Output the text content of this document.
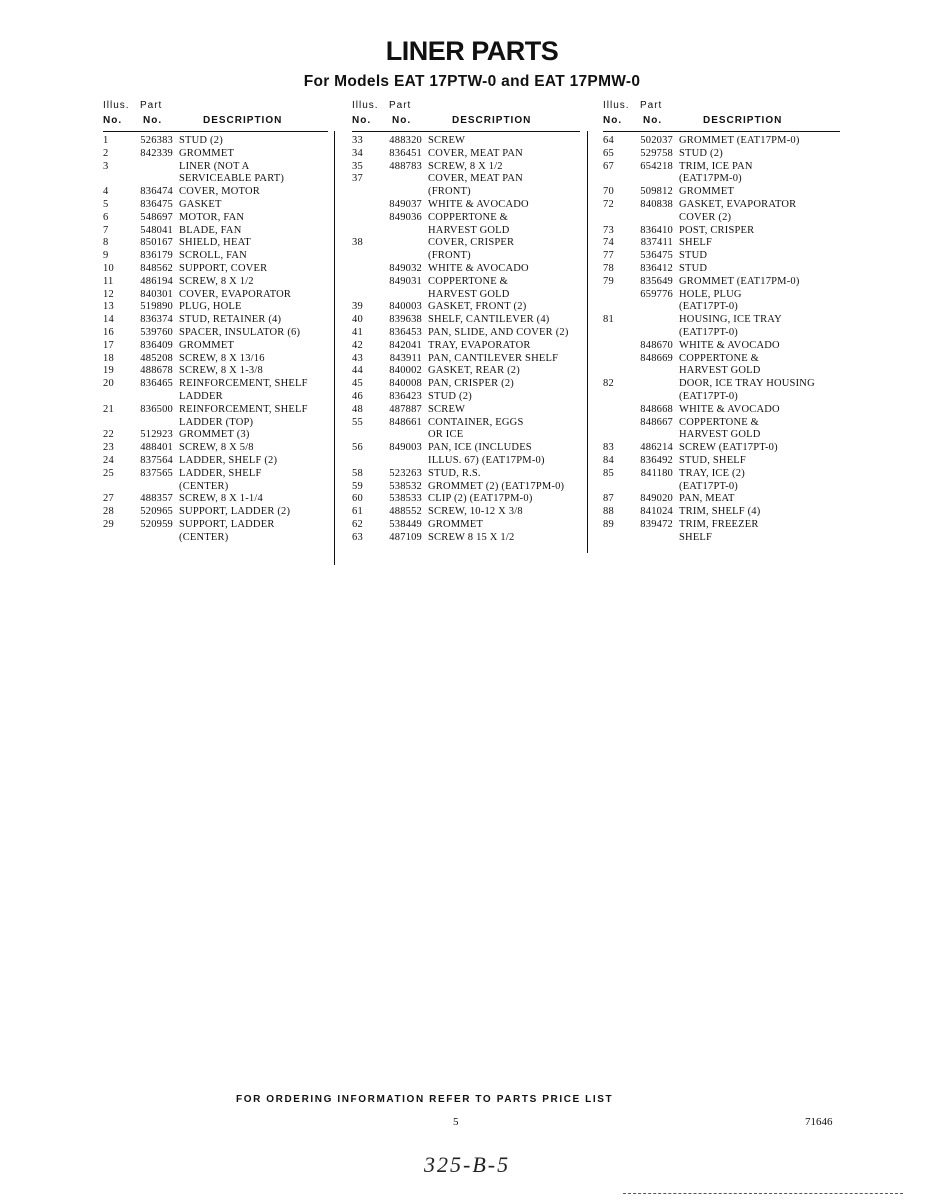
LINER PARTS
For Models EAT 17PTW-0 and EAT 17PMW-0
Illus. Part
No. No.	DESCRIPTION
1	526383 STUD (2)
2	842339 GROMMET
3	LINER (NOT A
SERVICEABLE PART)
4	836474 COVER, MOTOR
5	836475 GASKET
6	548697 MOTOR, FAN
7	548041 BLADE, FAN
8	850167 SHIELD, HEAT
9	836179 SCROLL, FAN
10	848562 SUPPORT, COVER
11	486194 SCREW, 8 X 1/2
12	840301 COVER, EVAPORATOR
13	519890 PLUG, HOLE
14	836374 STUD, RETAINER (4)
16	539760 SPACER, INSULATOR (6)
17	836409 GROMMET
18	485208 SCREW, 8 X 13/16
19	488678 SCREW, 8 X 1-3/8
20	836465 REINFORCEMENT, SHELF
LADDER
21	836500 REINFORCEMENT, SHELF
LADDER (TOP)
22	512923 GROMMET (3)
23	488401 SCREW, 8 X 5/8
24	837564 LADDER, SHELF (2)
25	837565 LADDER, SHELF
(CENTER)
27	488357 SCREW, 8 X 1-1/4
28	520965 SUPPORT, LADDER (2)
29	520959 SUPPORT, LADDER
(CENTER)
Illus. Part
No. No.	DESCRIPTION
33	488320 SCREW
34	836451 COVER, MEAT PAN
35	488783 SCREW, 8 X 1/2
37	COVER, MEAT PAN
(FRONT)
849037 WHITE & AVOCADO
849036 COPPERTONE &
HARVEST GOLD
38	COVER, CRISPER
(FRONT)
849032 WHITE & AVOCADO
849031 COPPERTONE &
HARVEST GOLD
39	840003 GASKET, FRONT (2)
40	839638 SHELF, CANTILEVER (4)
41	836453 PAN, SLIDE, AND COVER (2)
42	842041 TRAY, EVAPORATOR
43	843911 PAN, CANTILEVER SHELF
44	840002 GASKET, REAR (2)
45	840008 PAN, CRISPER (2)
46	836423 STUD (2)
48	487887 SCREW
55	848661 CONTAINER, EGGS
OR ICE
56	849003 PAN, ICE (INCLUDES
ILLUS. 67) (EAT17PM-0)
58	523263 STUD, R.S.
59	538532 GROMMET (2) (EAT17PM-0)
60	538533 CLIP (2) (EAT17PM-0)
61	488552 SCREW, 10-12 X 3/8
62	538449 GROMMET
63	487109 SCREW 8 15 X 1/2
Illus. Part
No. No.	DESCRIPTION
64	502037 GROMMET (EAT17PM-0)
65	529758 STUD (2)
67	654218 TRIM, ICE PAN
(EAT17PM-0)
70	509812 GROMMET
72	840838 GASKET, EVAPORATOR
COVER (2)
73	836410 POST, CRISPER
74	837411 SHELF
77	536475 STUD
78	836412 STUD
79	835649 GROMMET (EAT17PM-0)
659776 HOLE, PLUG
(EAT17PT-0)
81	HOUSING, ICE TRAY
(EAT17PT-0)
848670 WHITE & AVOCADO
848669 COPPERTONE &
HARVEST GOLD
82	DOOR, ICE TRAY HOUSING
(EAT17PT-0)
848668 WHITE & AVOCADO
848667 COPPERTONE &
HARVEST GOLD
83	486214 SCREW (EAT17PT-0)
84	836492 STUD, SHELF
85	841180 TRAY, ICE (2)
(EAT17PT-0)
87	849020 PAN, MEAT
88	841024 TRIM, SHELF (4)
89	839472 TRIM, FREEZER
SHELF
FOR ORDERING INFORMATION REFER TO PARTS PRICE LIST
5	71646
325-B-5
